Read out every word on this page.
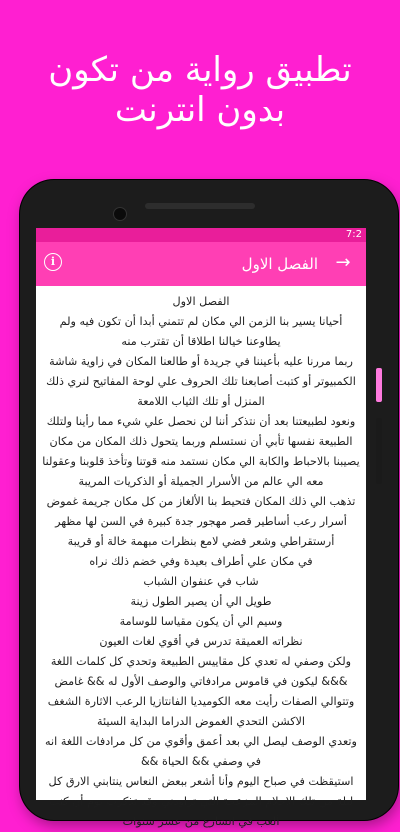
تطبيق رواية من تكون
بدون انترنت
7:2
→
الفصل الاول
i

الفصل الاول

أحيانا يسير بنا الزمن الي مكان لم تتمني أبدا أن تكون فيه ولم يطاوعنا خيالنا اطلاقا أن تقترب منه

ربما مررنا عليه بأعيننا في جريدة أو طالعنا المكان في زاوية شاشة الكمبيوتر أو كتبت أصابعنا تلك الحروف علي لوحة المفاتيح لنري ذلك المنزل أو تلك الثياب اللامعة

ونعود لطبيعتنا بعد أن نتذكر أننا لن نحصل علي شيء مما رأينا ولتلك الطبيعة نفسها تأبي أن نستسلم وربما يتحول ذلك المكان من مكان يصيبنا بالاحباط والكابة الي مكان نستمد منه قوتنا وتأخذ قلوبنا وعقولنا معه الي عالم من الأسرار الجميلة أو الذكريات المريبة

تذهب الي ذلك المكان فتحيط بنا الألغاز من كل مكان جريمة غموض أسرار رعب أساطير قصر مهجور جدة كبيرة في السن لها مظهر أرستقراطي وشعر فضي لامع بنظرات مبهمة خالة أو قريبة

في مكان علي أطراف بعيدة وفي خضم ذلك نراه

شاب في عنفوان الشباب

طويل الي أن يصير الطول زينة

وسيم الي أن يكون مقياسا للوسامة

نظراته العميقة تدرس في أقوي لغات العيون

ولكن وصفي له تعدي كل مقاييس الطبيعة وتحدي كل كلمات اللغة

&&& ليكون في قاموس مرادفاتي والوصف الأول له && غامض

وتتوالي الصفات رأيت معه الكوميديا الفانتازيا الرعب الاثارة الشغف الاكشن التحدي الغموض الدراما البداية السيئة

وتعدي الوصف ليصل الي بعد أعمق وأقوي من كل مرادفات اللغة انه في وصفي && الحياة &&

استيقظت في صباح اليوم وأنا أشعر ببعض النعاس ينتابني الارق كل ليلة من تلك الاحلام المزعجة التي تراودني وقد تذكرت يوم أن كنت ألعب في الشارع من عشر سنوات
